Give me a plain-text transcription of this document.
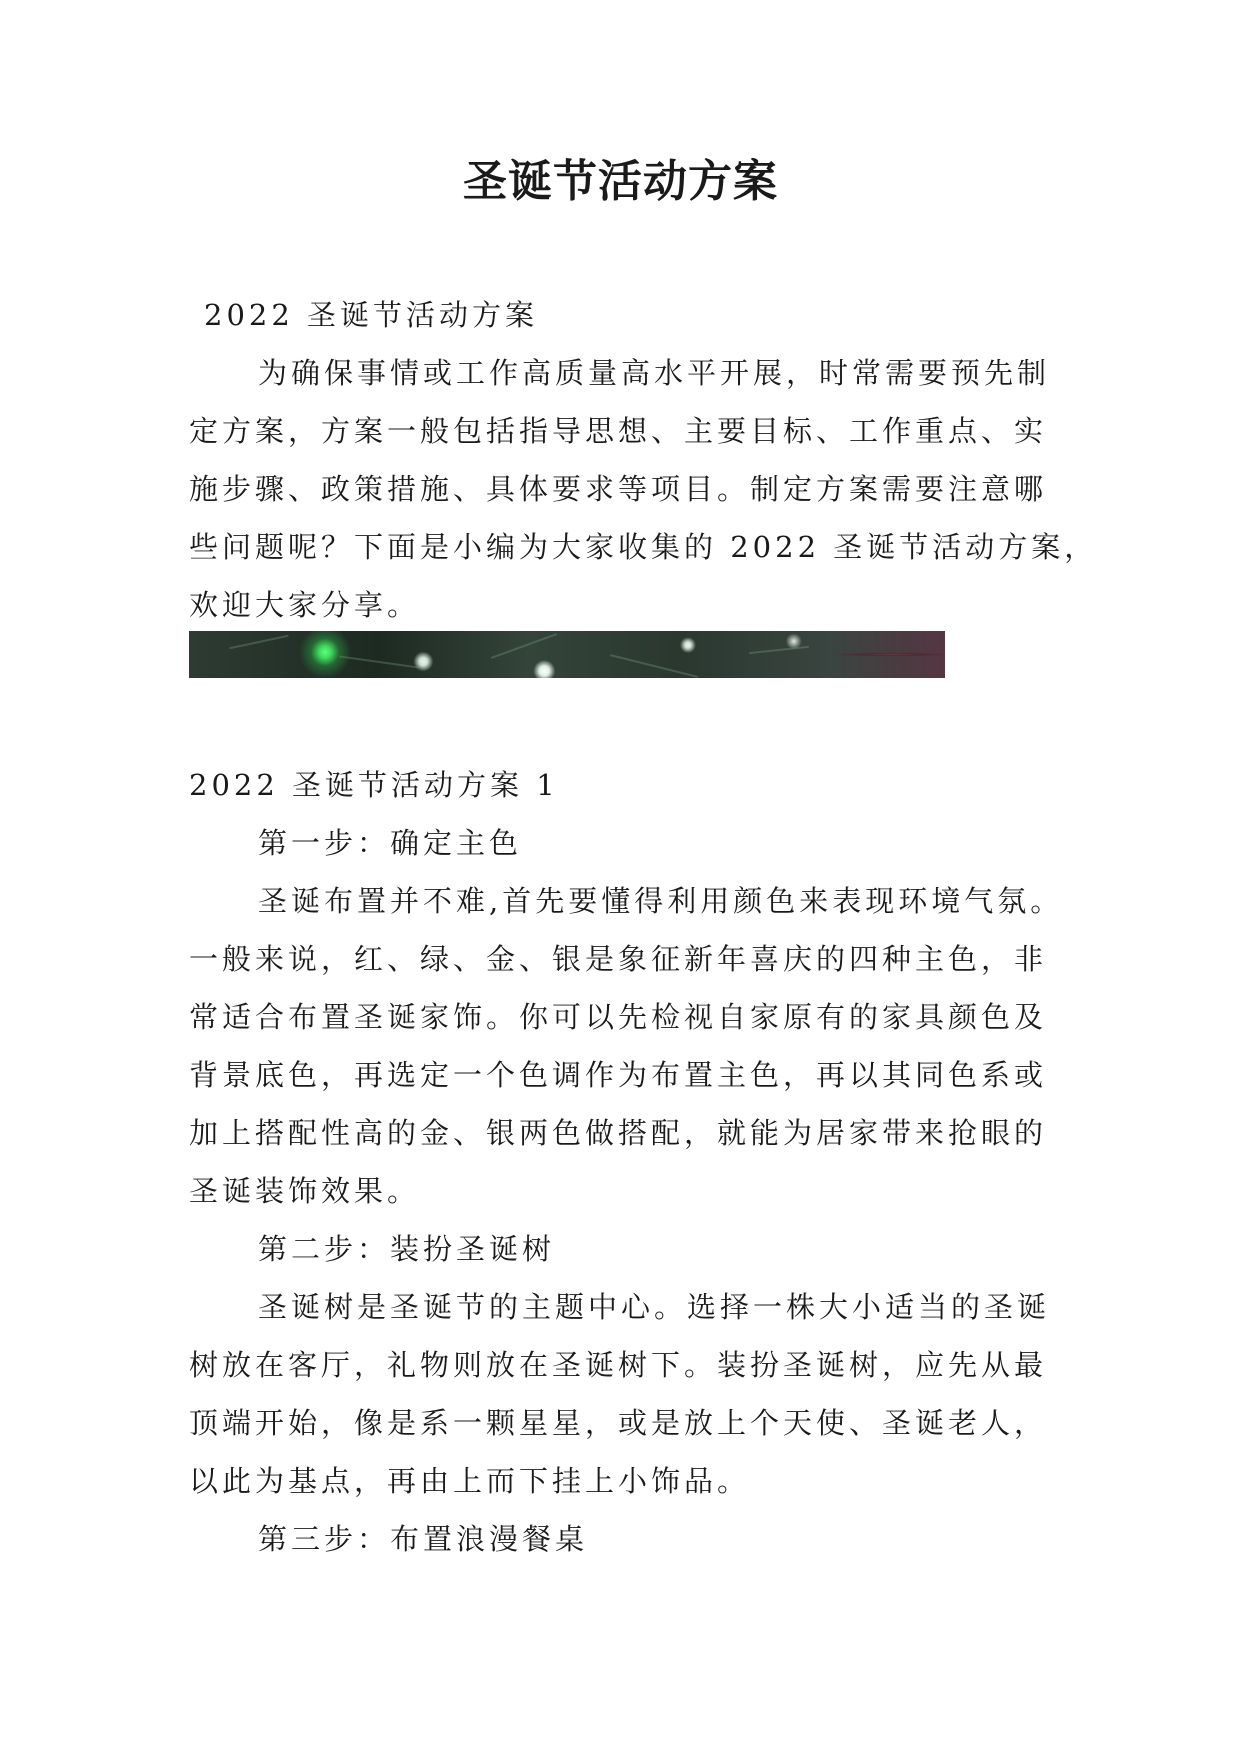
圣诞节活动方案
2022 圣诞节活动方案
为确保事情或工作高质量高水平开展，时常需要预先制
定方案，方案一般包括指导思想、主要目标、工作重点、实
施步骤、政策措施、具体要求等项目。制定方案需要注意哪
些问题呢？下面是小编为大家收集的 2022 圣诞节活动方案，
欢迎大家分享。
2022 圣诞节活动方案 1
第一步：确定主色
圣诞布置并不难,首先要懂得利用颜色来表现环境气氛。
一般来说，红、绿、金、银是象征新年喜庆的四种主色，非
常适合布置圣诞家饰。你可以先检视自家原有的家具颜色及
背景底色，再选定一个色调作为布置主色，再以其同色系或
加上搭配性高的金、银两色做搭配，就能为居家带来抢眼的
圣诞装饰效果。
第二步：装扮圣诞树
圣诞树是圣诞节的主题中心。选择一株大小适当的圣诞
树放在客厅，礼物则放在圣诞树下。装扮圣诞树，应先从最
顶端开始，像是系一颗星星，或是放上个天使、圣诞老人，
以此为基点，再由上而下挂上小饰品。
第三步：布置浪漫餐桌
